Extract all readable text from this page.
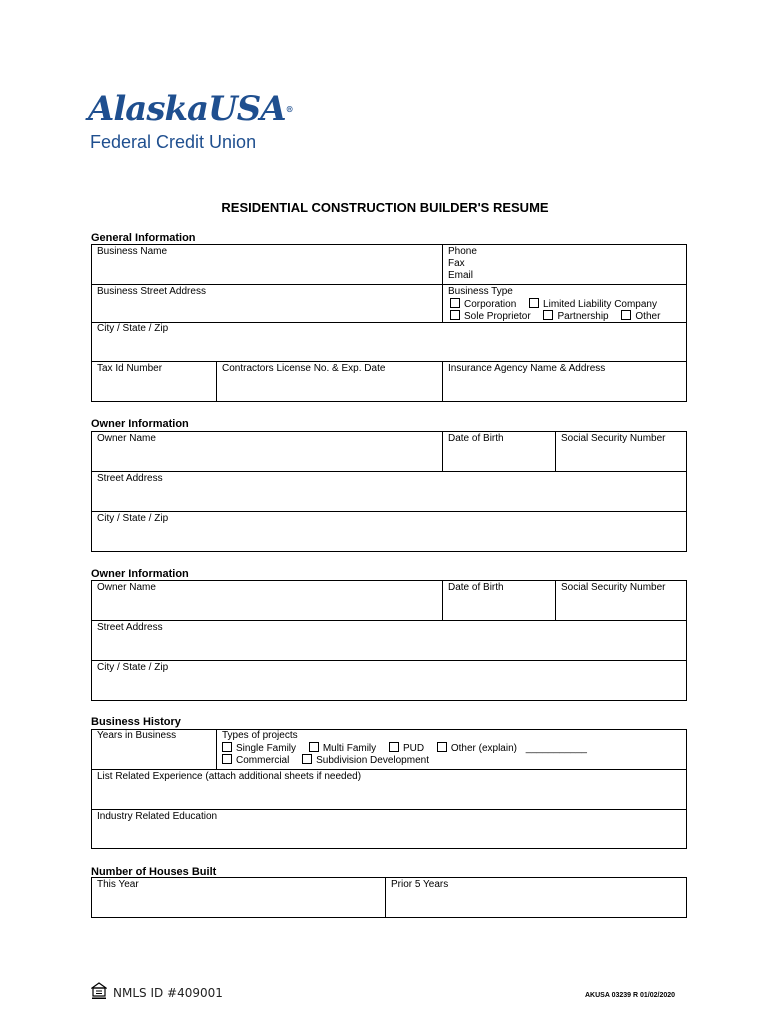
AlaskaUSA®
Federal Credit Union
RESIDENTIAL CONSTRUCTION BUILDER'S RESUME
General Information
Business Name	Phone
Fax
Email
Business Street Address	Business Type
Corporation	Limited Liability Company
Sole Proprietor	Partnership	Other
City / State / Zip
Tax Id Number	Contractors License No. & Exp. Date	Insurance Agency Name & Address
Owner Information
Owner Name	Date of Birth	Social Security Number
Street Address
City / State / Zip
Owner Information
Owner Name	Date of Birth	Social Security Number
Street Address
City / State / Zip
Business History
Years in Business	Types of projects
Single Family	Multi Family	PUD	Other (explain) ___________
Commercial	Subdivision Development
List Related Experience (attach additional sheets if needed)
Industry Related Education
Number of Houses Built
This Year	Prior 5 Years
NMLS ID #409001	AKUSA 03239 R 01/02/2020
